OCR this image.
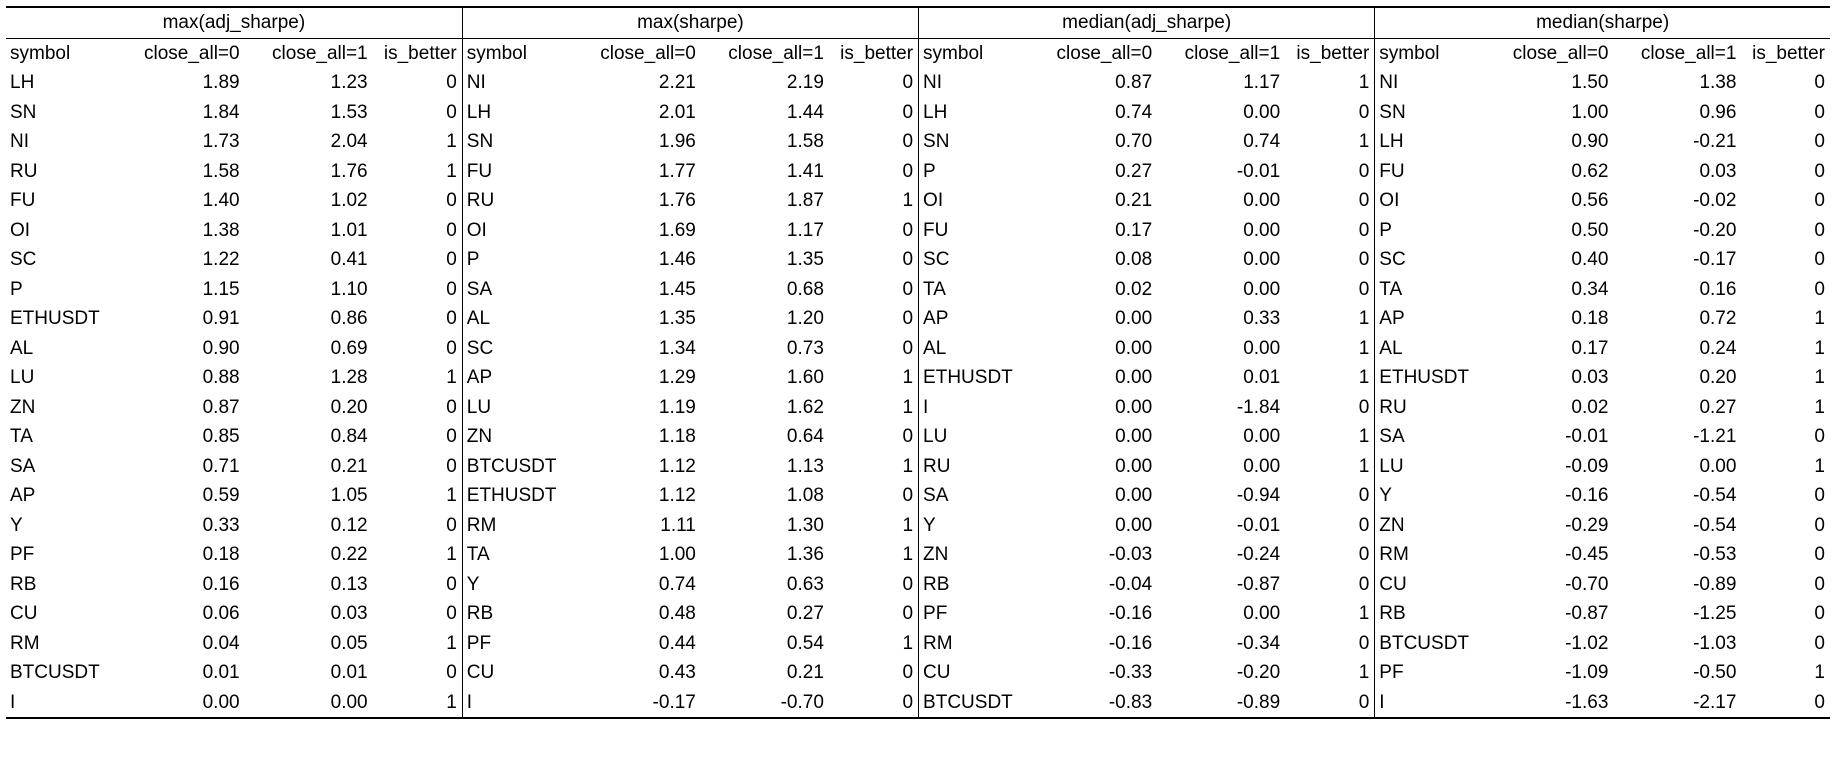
max(adj_sharpe)				max(sharpe)				median(adj_sharpe)				median(sharpe)			
symbol	close_all=0	close_all=1	is_better	symbol	close_all=0	close_all=1	is_better	symbol	close_all=0	close_all=1	is_better	symbol	close_all=0	close_all=1	is_better
LH	1.89	1.23	0	NI	2.21	2.19	0	NI	0.87	1.17	1	NI	1.50	1.38	0
SN	1.84	1.53	0	LH	2.01	1.44	0	LH	0.74	0.00	0	SN	1.00	0.96	0
NI	1.73	2.04	1	SN	1.96	1.58	0	SN	0.70	0.74	1	LH	0.90	-0.21	0
RU	1.58	1.76	1	FU	1.77	1.41	0	P	0.27	-0.01	0	FU	0.62	0.03	0
FU	1.40	1.02	0	RU	1.76	1.87	1	OI	0.21	0.00	0	OI	0.56	-0.02	0
OI	1.38	1.01	0	OI	1.69	1.17	0	FU	0.17	0.00	0	P	0.50	-0.20	0
SC	1.22	0.41	0	P	1.46	1.35	0	SC	0.08	0.00	0	SC	0.40	-0.17	0
P	1.15	1.10	0	SA	1.45	0.68	0	TA	0.02	0.00	0	TA	0.34	0.16	0
ETHUSDT	0.91	0.86	0	AL	1.35	1.20	0	AP	0.00	0.33	1	AP	0.18	0.72	1
AL	0.90	0.69	0	SC	1.34	0.73	0	AL	0.00	0.00	1	AL	0.17	0.24	1
LU	0.88	1.28	1	AP	1.29	1.60	1	ETHUSDT	0.00	0.01	1	ETHUSDT	0.03	0.20	1
ZN	0.87	0.20	0	LU	1.19	1.62	1	I	0.00	-1.84	0	RU	0.02	0.27	1
TA	0.85	0.84	0	ZN	1.18	0.64	0	LU	0.00	0.00	1	SA	-0.01	-1.21	0
SA	0.71	0.21	0	BTCUSDT	1.12	1.13	1	RU	0.00	0.00	1	LU	-0.09	0.00	1
AP	0.59	1.05	1	ETHUSDT	1.12	1.08	0	SA	0.00	-0.94	0	Y	-0.16	-0.54	0
Y	0.33	0.12	0	RM	1.11	1.30	1	Y	0.00	-0.01	0	ZN	-0.29	-0.54	0
PF	0.18	0.22	1	TA	1.00	1.36	1	ZN	-0.03	-0.24	0	RM	-0.45	-0.53	0
RB	0.16	0.13	0	Y	0.74	0.63	0	RB	-0.04	-0.87	0	CU	-0.70	-0.89	0
CU	0.06	0.03	0	RB	0.48	0.27	0	PF	-0.16	0.00	1	RB	-0.87	-1.25	0
RM	0.04	0.05	1	PF	0.44	0.54	1	RM	-0.16	-0.34	0	BTCUSDT	-1.02	-1.03	0
BTCUSDT	0.01	0.01	0	CU	0.43	0.21	0	CU	-0.33	-0.20	1	PF	-1.09	-0.50	1
I	0.00	0.00	1	I	-0.17	-0.70	0	BTCUSDT	-0.83	-0.89	0	I	-1.63	-2.17	0
